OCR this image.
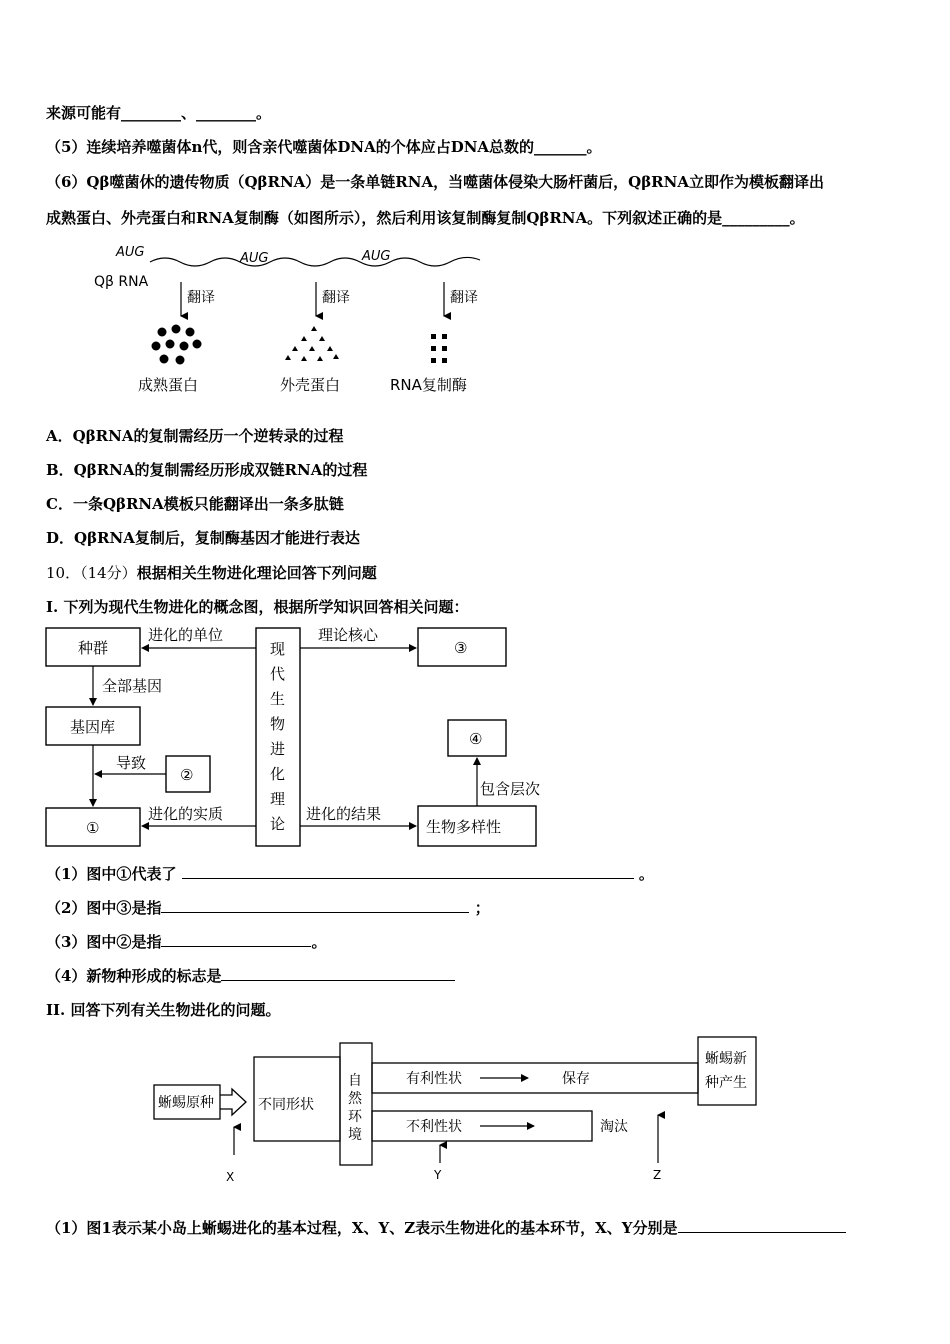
来源可能有________、________。
（5）连续培养噬菌体n代，则含亲代噬菌体DNA的个体应占DNA总数的_______。
（6）Qβ噬菌休的遗传物质（QβRNA）是一条单链RNA，当噬菌体侵染大肠杆菌后，QβRNA立即作为模板翻译出
成熟蛋白、外壳蛋白和RNA复制酶（如图所示），然后利用该复制酶复制QβRNA。下列叙述正确的是_________。
Qβ RNA
AUG	AUG	AUG
翻译	翻译	翻译
成熟蛋白	外壳蛋白	RNA复制酶
A．QβRNA的复制需经历一个逆转录的过程
B．QβRNA的复制需经历形成双链RNA的过程
C．一条QβRNA模板只能翻译出一条多肽链
D．QβRNA复制后，复制酶基因才能进行表达
10．（14分）根据相关生物进化理论回答下列问题
I. 下列为现代生物进化的概念图，根据所学知识回答相关问题：
种群
基因库
①
②
③
④
生物多样性
进化的单位	理论核心
全部基因
导致
进化的实质	进化的结果
包含层次
现
代
生
物
进
化
理
论
（1）图中①代表了	。
（2）图中③是指	；
（3）图中②是指	。
（4）新物种形成的标志是
II. 回答下列有关生物进化的问题。
蜥蜴原种	不同形状
有利性状	保存
不利性状	淘汰
蜥蜴新
种产生
自
然
环
境
X	Y	Z
（1）图1表示某小岛上蜥蜴进化的基本过程，X、Y、Z表示生物进化的基本环节，X、Y分别是
